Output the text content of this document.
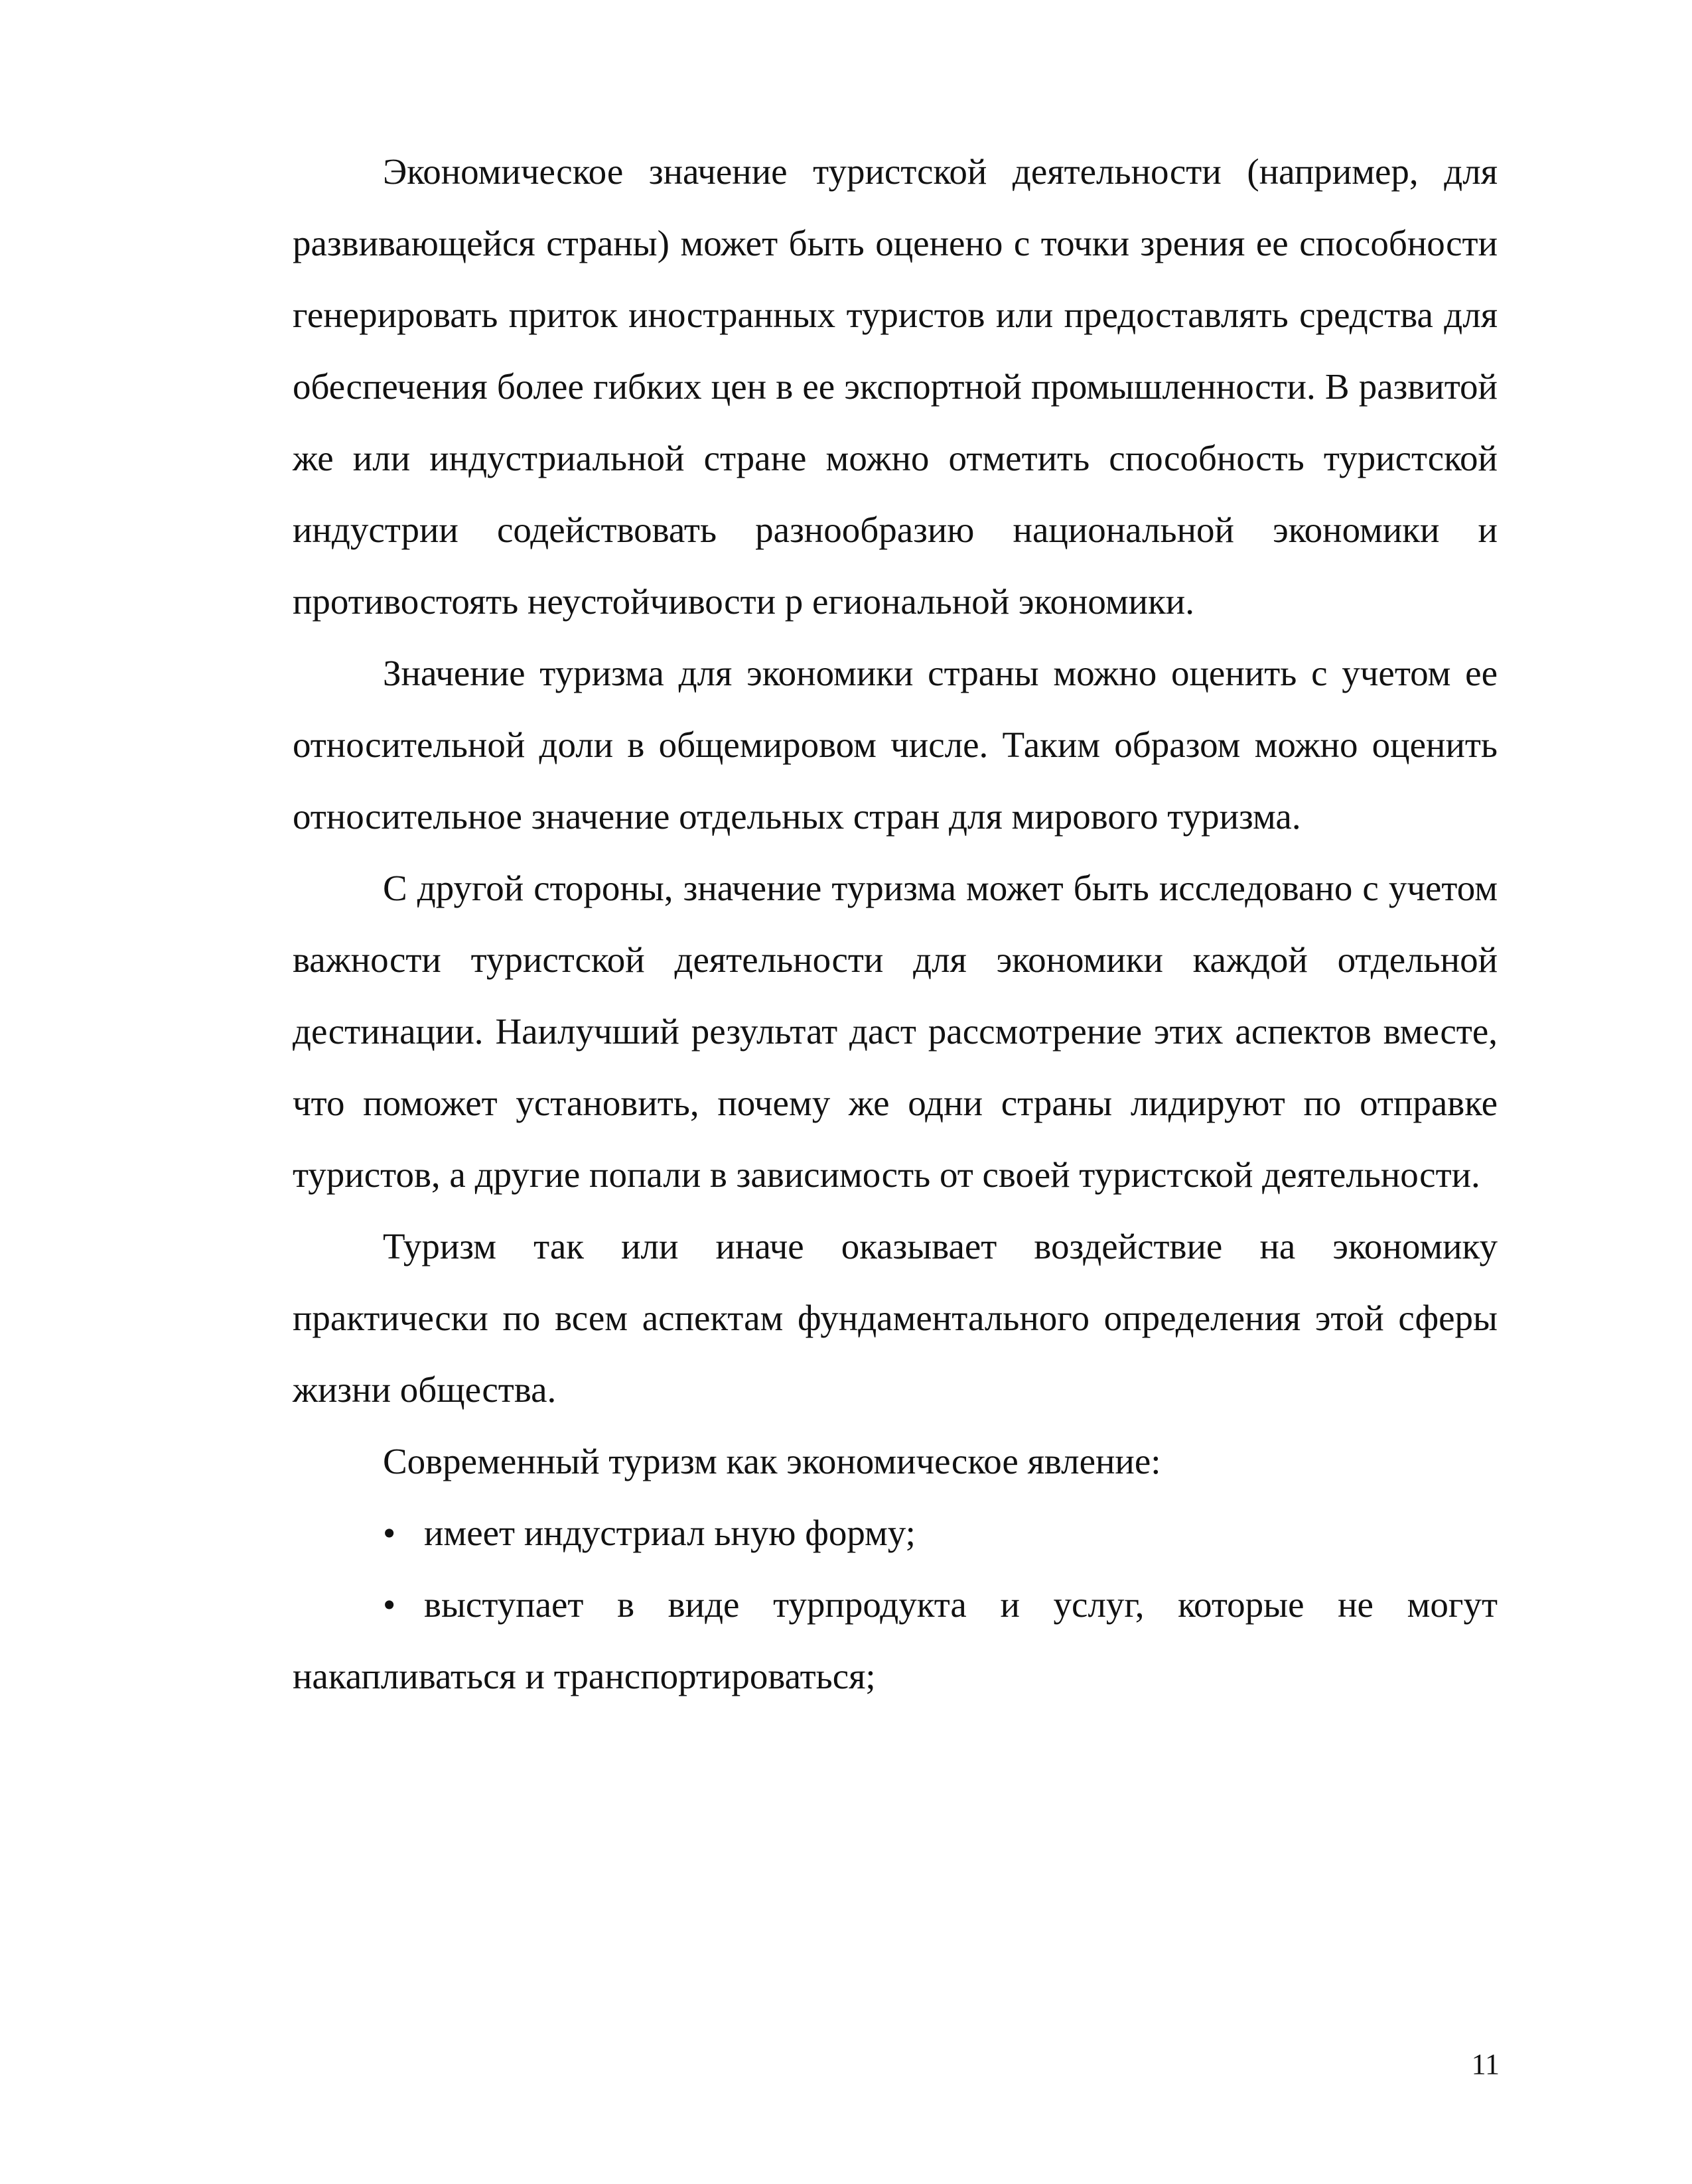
Экономическое значение туристской деятельности (например, для развивающейся страны) может быть оценено с точки зрения ее способности генерировать приток иностранных туристов или предоставлять средства для обеспечения более гибких цен в ее экспортной промышленности. В развитой же или индустриальной стране можно отметить способность туристской индустрии содействовать разнообразию национальной экономики и противостоять неустойчивости р егиональной экономики.

Значение туризма для экономики страны можно оценить с учетом ее относительной доли в общемировом числе. Таким образом можно оценить относительное значение отдельных стран для мирового туризма.

С другой стороны, значение туризма может быть исследовано с учетом важности туристской деятельности для экономики каждой отдельной дестинации. Наилучший результат даст рассмотрение этих аспектов вместе, что поможет установить, почему же одни страны лидируют по отправке туристов, а другие попали в зависимость от своей туристской деятельности.

Туризм так или иначе оказывает воздействие на экономику практически по всем аспектам фундаментального определения этой сферы жизни общества.

Современный туризм как экономическое явление:

• имеет индустриал ьную форму;

• выступает в виде турпродукта и услуг, которые не могут накапливаться и транспортироваться;

11
